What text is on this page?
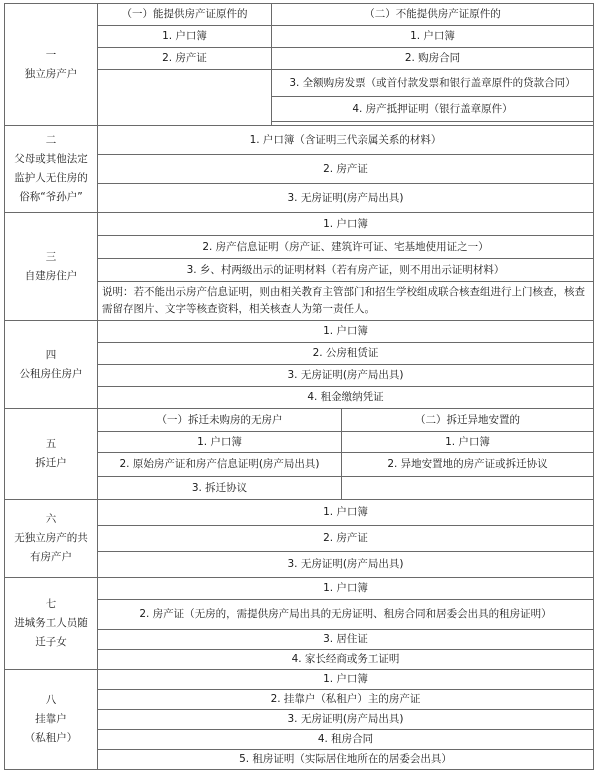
一
独立房产户	（一）能提供房产证原件的	（二）不能提供房产证原件的	
	1. 户口簿	1. 户口簿	
	2. 房产证	2. 购房合同	
		3. 全额购房发票（或首付款发票和银行盖章原件的贷款合同）	
		4. 房产抵押证明（银行盖章原件）	

二
父母或其他法定
监护人无住房的
俗称“爷孙户”	1. 户口簿（含证明三代亲属关系的材料）		
	2. 房产证		
	3. 无房证明(房产局出具)		

三
自建房住户	1. 户口簿		
	2. 房产信息证明（房产证、建筑许可证、宅基地使用证之一）		
	3. 乡、村两级出示的证明材料（若有房产证，则不用出示证明材料）		
	说明：若不能出示房产信息证明，则由相关教育主管部门和招生学校组成联合核查组进行上门核查，核查需留存图片、文字等核查资料，相关核查人为第一责任人。		

四
公租房住房户	1. 户口簿		
	2. 公房租赁证		
	3. 无房证明(房产局出具)		
	4. 租金缴纳凭证		

五
拆迁户	（一）拆迁未购房的无房户		（二）拆迁异地安置的
	1. 户口簿		1. 户口簿
	2. 原始房产证和房产信息证明(房产局出具)		2. 异地安置地的房产证或拆迁协议
	3. 拆迁协议		

六
无独立房产的共
有房产户	1. 户口簿		
	2. 房产证		
	3. 无房证明(房产局出具)		

七
进城务工人员随
迁子女	1. 户口簿		
	2. 房产证（无房的，需提供房产局出具的无房证明、租房合同和居委会出具的租房证明）		
	3. 居住证		
	4. 家长经商或务工证明		

八
挂靠户
（私租户）	1. 户口簿		
	2. 挂靠户（私租户）主的房产证		
	3. 无房证明(房产局出具)		
	4. 租房合同		
	5. 租房证明（实际居住地所在的居委会出具）		
